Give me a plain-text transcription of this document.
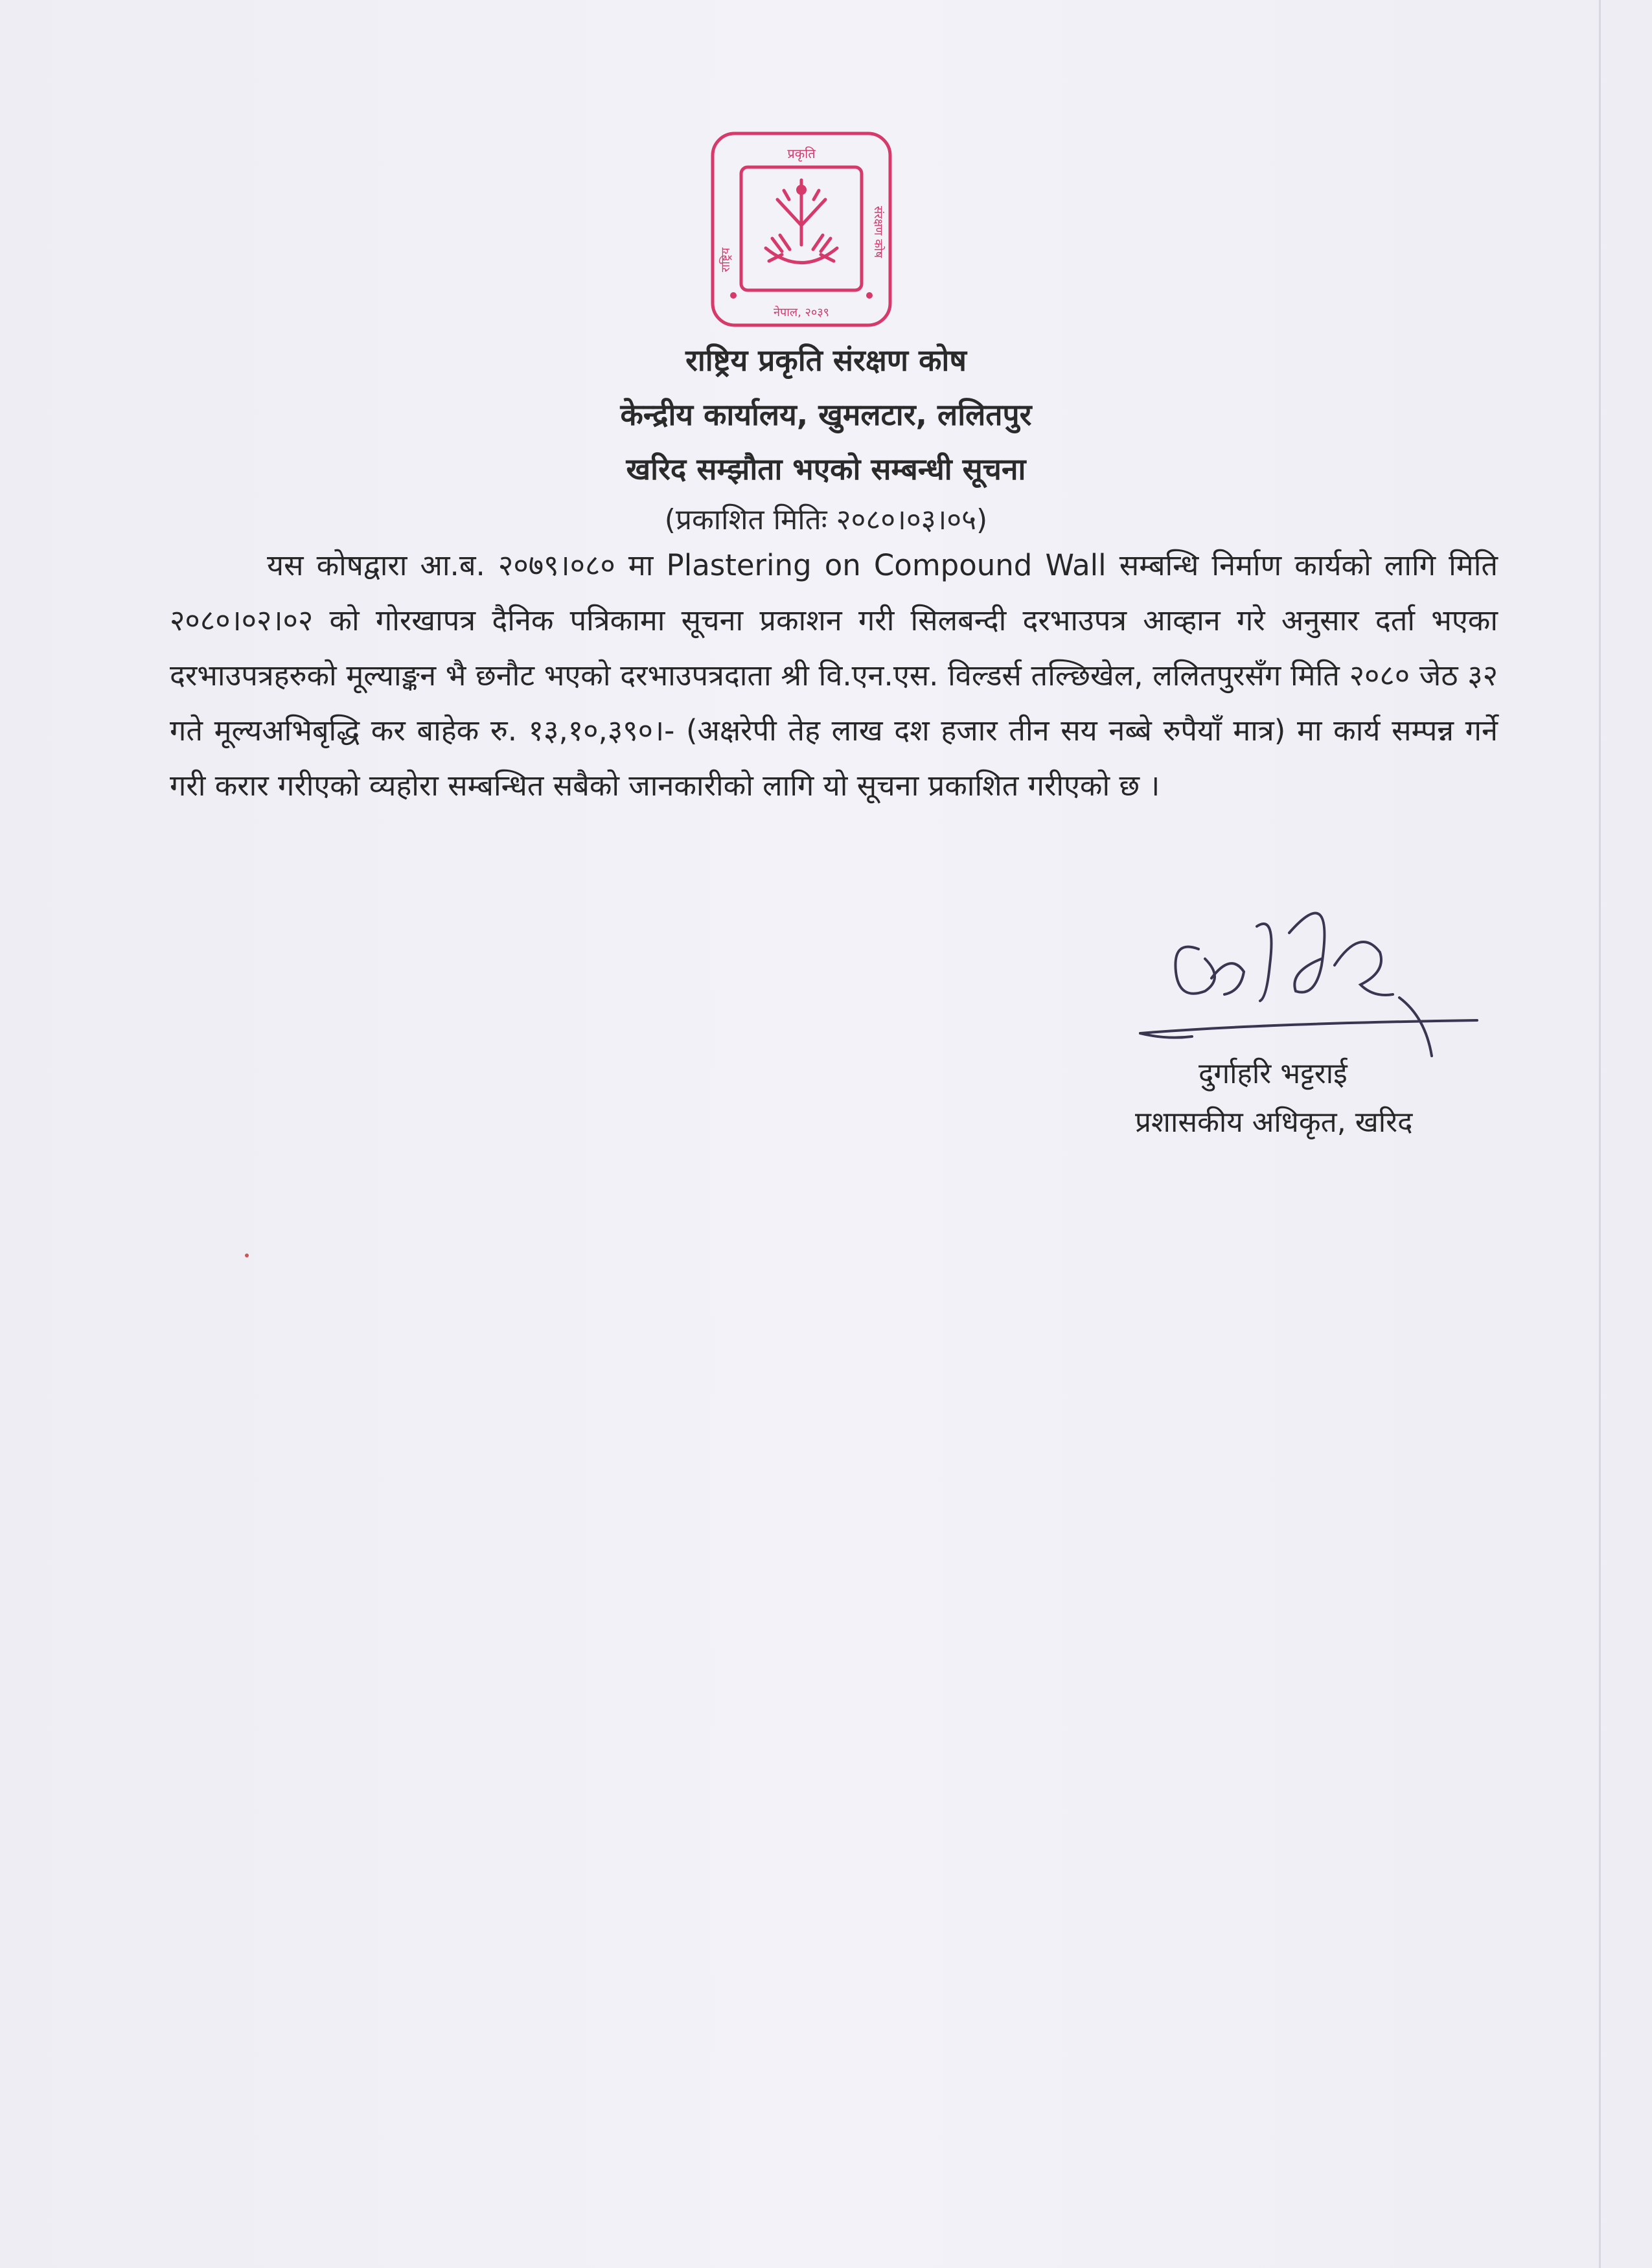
प्रकृति
नेपाल, २०३९
संरक्षण कोष
राष्ट्रिय
राष्ट्रिय प्रकृति संरक्षण कोष
केन्द्रीय कार्यालय, खुमलटार, ललितपुर
खरिद सम्झौता भएको सम्बन्धी सूचना
(प्रकाशित मितिः २०८०।०३।०५)
यस कोषद्वारा आ.ब. २०७९।०८० मा Plastering on Compound Wall सम्बन्धि निर्माण कार्यको लागि मिति २०८०।०२।०२ को गोरखापत्र दैनिक पत्रिकामा सूचना प्रकाशन गरी सिलबन्दी दरभाउपत्र आव्हान गरे अनुसार दर्ता भएका दरभाउपत्रहरुको मूल्याङ्कन भै छनौट भएको दरभाउपत्रदाता श्री वि.एन.एस. विल्डर्स तल्छिखेल, ललितपुरसँग मिति २०८० जेठ ३२ गते मूल्यअभिबृद्धि कर बाहेक रु. १३,१०,३९०।- (अक्षरेपी तेह लाख दश हजार तीन सय नब्बे रुपैयाँ मात्र) मा कार्य सम्पन्न गर्ने गरी करार गरीएको व्यहोरा सम्बन्धित सबैको जानकारीको लागि यो सूचना प्रकाशित गरीएको छ ।
दुर्गाहरि भट्टराई
प्रशासकीय अधिकृत, खरिद
